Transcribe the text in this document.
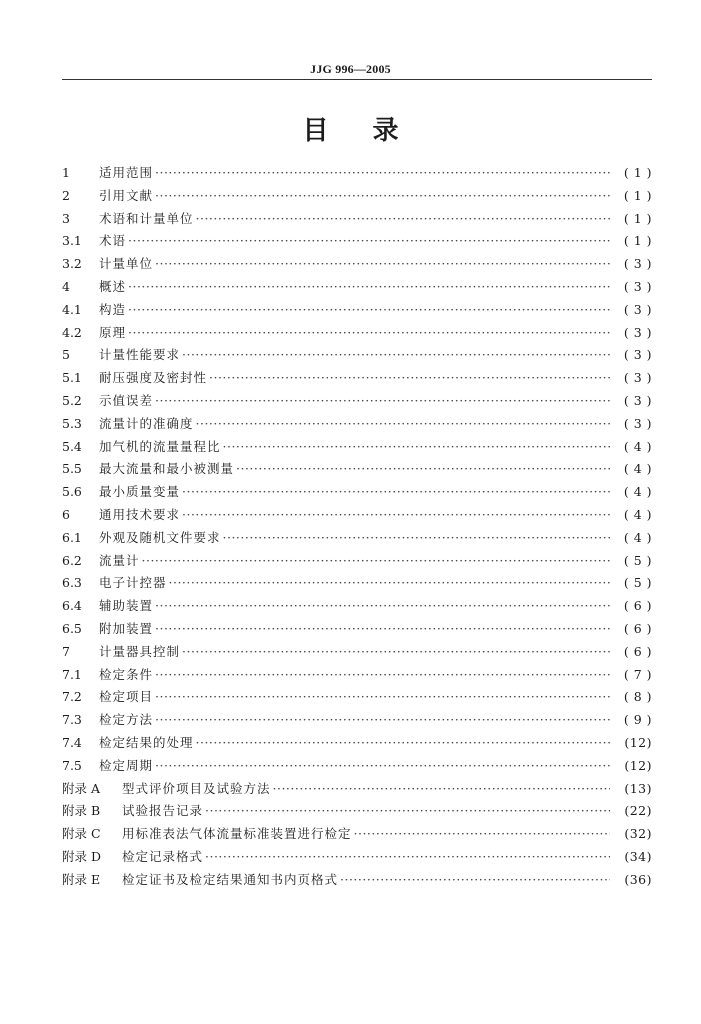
JJG 996—2005
目录
1	适用范围 ·····	( 1 )
2	引用文献 ·····	( 1 )
3	术语和计量单位 ·····	( 1 )
3.1	术语 ·····	( 1 )
3.2	计量单位 ·····	( 3 )
4	概述 ·····	( 3 )
4.1	构造 ·····	( 3 )
4.2	原理 ·····	( 3 )
5	计量性能要求 ·····	( 3 )
5.1	耐压强度及密封性 ·····	( 3 )
5.2	示值误差 ·····	( 3 )
5.3	流量计的准确度 ·····	( 3 )
5.4	加气机的流量量程比 ·····	( 4 )
5.5	最大流量和最小被测量 ·····	( 4 )
5.6	最小质量变量 ·····	( 4 )
6	通用技术要求 ·····	( 4 )
6.1	外观及随机文件要求 ·····	( 4 )
6.2	流量计 ·····	( 5 )
6.3	电子计控器 ·····	( 5 )
6.4	辅助装置 ·····	( 6 )
6.5	附加装置 ·····	( 6 )
7	计量器具控制 ·····	( 6 )
7.1	检定条件 ·····	( 7 )
7.2	检定项目 ·····	( 8 )
7.3	检定方法 ·····	( 9 )
7.4	检定结果的处理 ·····	(12)
7.5	检定周期 ·····	(12)
附录 A	型式评价项目及试验方法 ·····	(13)
附录 B	试验报告记录 ·····	(22)
附录 C	用标准表法气体流量标准装置进行检定 ·····	(32)
附录 D	检定记录格式 ·····	(34)
附录 E	检定证书及检定结果通知书内页格式 ·····	(36)
